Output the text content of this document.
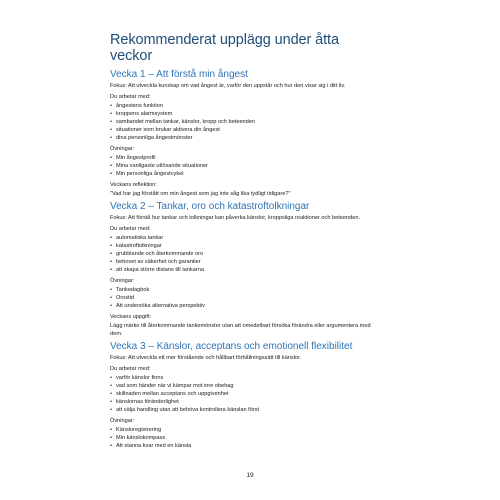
Rekommenderat upplägg under åtta veckor
Vecka 1 – Att förstå min ångest

Fokus: Att utveckla kunskap om vad ångest är, varför den uppstår och hur den visar sig i ditt liv.

Du arbetar med:

• ångestens funktion
• kroppens alarmsystem
• sambandet mellan tankar, känslor, kropp och beteenden
• situationer som brukar aktivera din ångest
• dina personliga ångestmönster

Övningar:

• Min ångestprofil
• Mina vanligaste utlösande situationer
• Min personliga ångestcykel

Veckans reflektion:

"Vad har jag förstått om min ångest som jag inte såg lika tydligt tidigare?"

Vecka 2 – Tankar, oro och katastroftolkningar

Fokus: Att förstå hur tankar och tolkningar kan påverka känslor, kroppsliga reaktioner och beteenden.

Du arbetar med:

• automatiska tankar
• katastroftolkningar
• grubblande och återkommande oro
• behovet av säkerhet och garantier
• att skapa större distans till tankarna

Övningar:

• Tankedagbok
• Orostid
• Att undersöka alternativa perspektiv

Veckans uppgift:

Lägg märke till återkommande tankemönster utan att omedelbart försöka förändra eller argumentera med dem.

Vecka 3 – Känslor, acceptans och emotionell flexibilitet

Fokus: Att utveckla ett mer förstående och hållbart förhållningssätt till känslor.

Du arbetar med:

• varför känslor finns
• vad som händer när vi kämpar mot inre obehag
• skillnaden mellan acceptans och uppgivenhet
• känslornas föränderlighet
• att välja handling utan att behöva kontrollera känslan först

Övningar:

• Känsloregistrering
• Min känslokompass
• Att stanna kvar med en känsla
19
